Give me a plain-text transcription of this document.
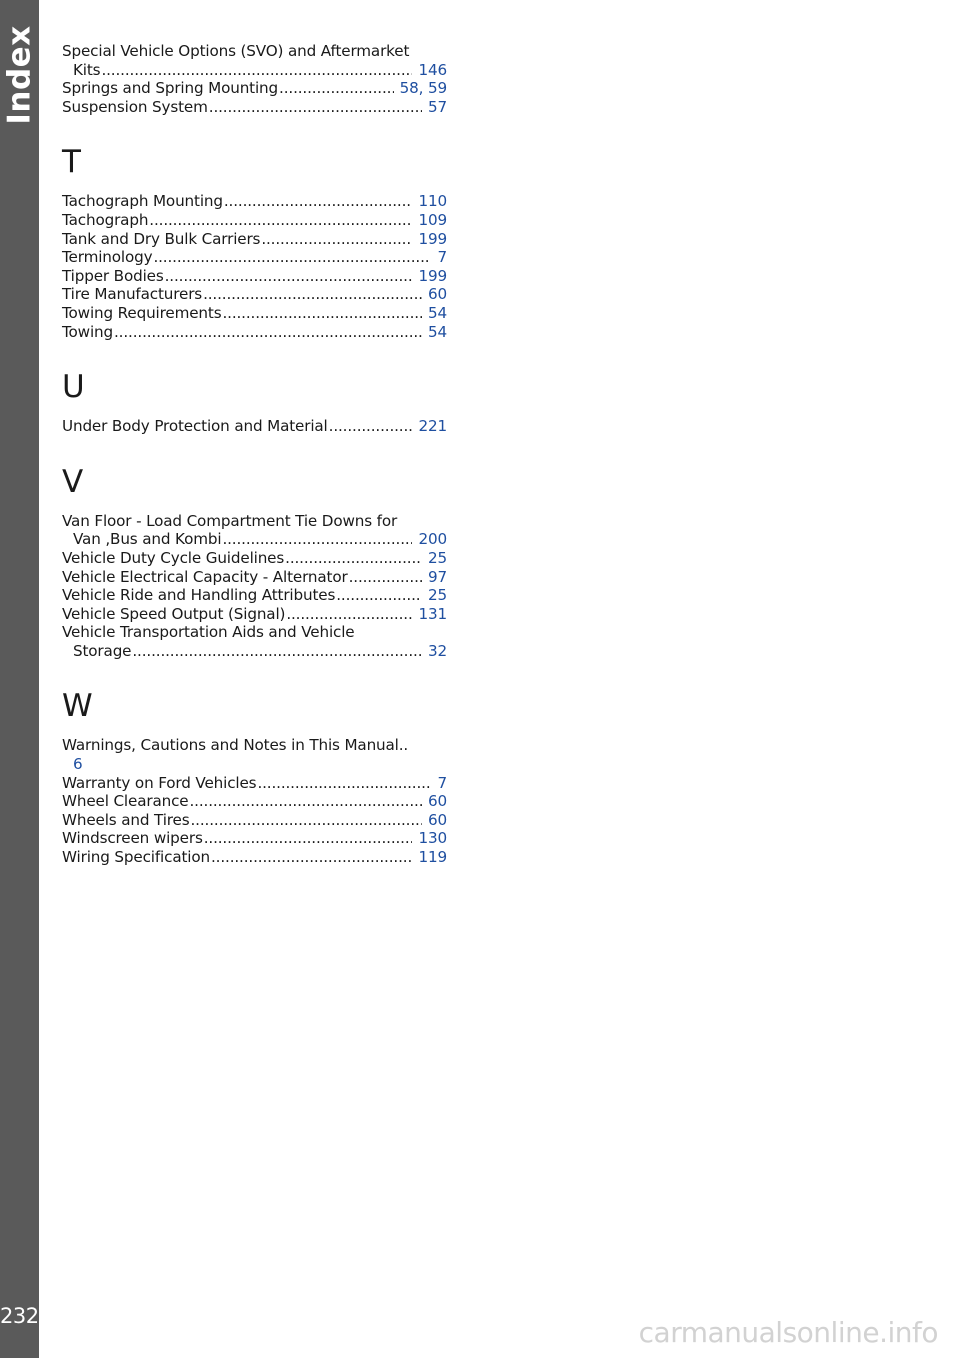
Index
232
Special Vehicle Options (SVO) and Aftermarket
Kits .....	146
Springs and Spring Mounting .....	58, 59
Suspension System .....	57
T
Tachograph Mounting .....	110
Tachograph .....	109
Tank and Dry Bulk Carriers .....	199
Terminology .....	7
Tipper Bodies .....	199
Tire Manufacturers .....	60
Towing Requirements .....	54
Towing .....	54
U
Under Body Protection and Material .....	221
V
Van Floor - Load Compartment Tie Downs for
Van ,Bus and Kombi .....	200
Vehicle Duty Cycle Guidelines .....	25
Vehicle Electrical Capacity - Alternator .....	97
Vehicle Ride and Handling Attributes .....	25
Vehicle Speed Output (Signal) .....	131
Vehicle Transportation Aids and Vehicle
Storage .....	32
W
Warnings, Cautions and Notes in This Manual..
6
Warranty on Ford Vehicles .....	7
Wheel Clearance .....	60
Wheels and Tires .....	60
Windscreen wipers .....	130
Wiring Specification .....	119
carmanualsonline.info
